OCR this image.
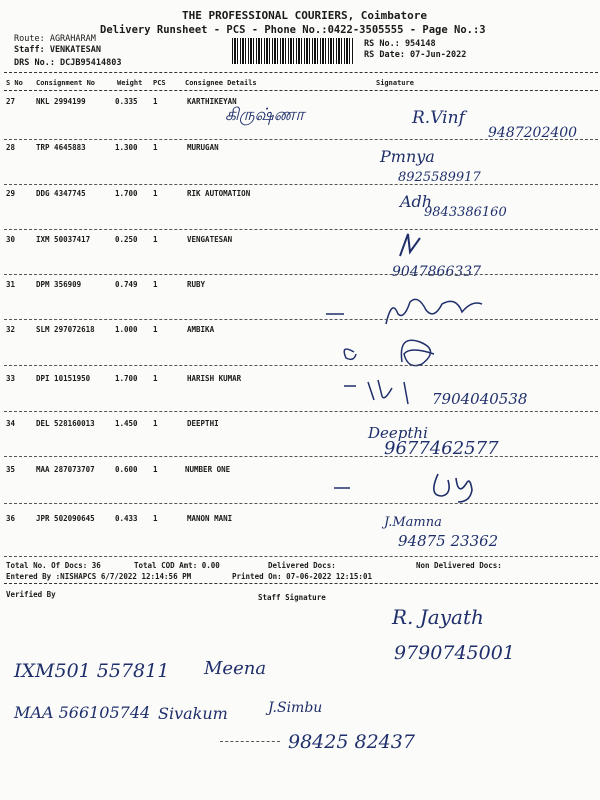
THE PROFESSIONAL COURIERS, Coimbatore
Delivery Runsheet - PCS - Phone No.:0422-3505555 - Page No.:3
Route: AGRAHARAM
Staff: VENKATESAN
DRS No.: DCJB95414803
RS No.: 954148
RS Date: 07-Jun-2022
S No Consignment No	Weight PCS	Consignee Details	Signature
27	NKL 2994199	0.335 1	KARTHIKEYAN
கிருஷ்ணா	R.Vinf
9487202400
28	TRP 4645883	1.300 1	MURUGAN	Pmnya
8925589917
29	DDG 4347745	1.700 1	RIK AUTOMATION	Adh
9843386160
30	IXM 50037417	0.250 1	VENGATESAN
9047866337
31	DPM 356909	0.749 1	RUBY
32	SLM 297072618	1.000 1	AMBIKA
33	DPI 10151950	1.700 1	HARISH KUMAR
7904040538
34	DEL 528160013	1.450 1	DEEPTHI
Deepthi
9677462577
35	MAA 287073707	0.600 1	NUMBER ONE
36	JPR 502090645	0.433 1	MANON MANI	J.Mamna
94875 23362
Total No. Of Docs: 36	Total COD Amt: 0.00	Delivered Docs:	Non Delivered Docs:
Entered By :NISHAPCS 6/7/2022 12:14:56 PM	Printed On: 07-06-2022 12:15:01
Verified By	Staff Signature
R. Jayath
9790745001
IXM501 557811 Meena
MAA 566105744 Sivakum	J.Simbu
98425 82437
